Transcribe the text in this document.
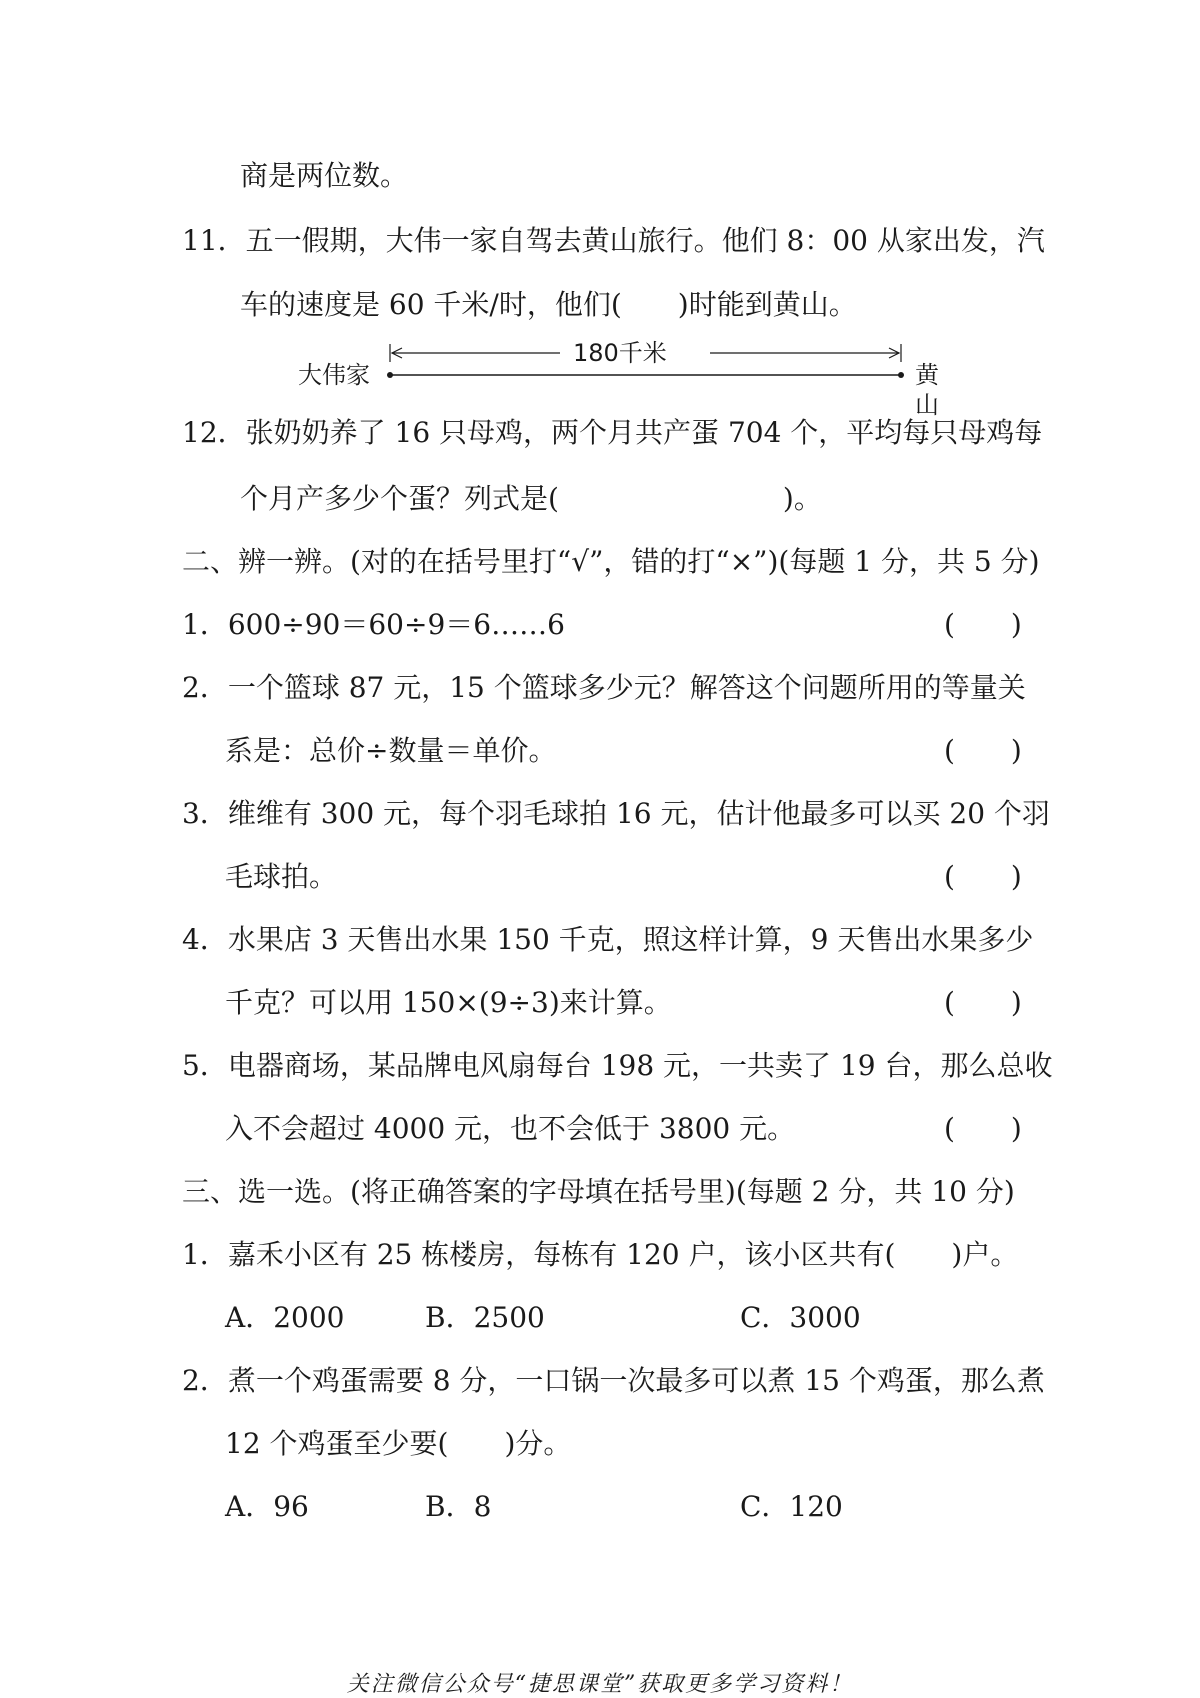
商是两位数。
11．五一假期，大伟一家自驾去黄山旅行。他们 8：00 从家出发，汽
车的速度是 60 千米/时，他们(　　)时能到黄山。
大伟家
180千米
黄山
12．张奶奶养了 16 只母鸡，两个月共产蛋 704 个，平均每只母鸡每
个月产多少个蛋？列式是(　　　　　　　　)。
二、辨一辨。(对的在括号里打“√”，错的打“×”)(每题 1 分，共 5 分)
1．600÷90＝60÷9＝6……6	(　　)
2．一个篮球 87 元，15 个篮球多少元？解答这个问题所用的等量关
系是：总价÷数量＝单价。	(　　)
3．维维有 300 元，每个羽毛球拍 16 元，估计他最多可以买 20 个羽
毛球拍。	(　　)
4．水果店 3 天售出水果 150 千克，照这样计算，9 天售出水果多少
千克？可以用 150×(9÷3)来计算。	(　　)
5．电器商场，某品牌电风扇每台 198 元，一共卖了 19 台，那么总收
入不会超过 4000 元，也不会低于 3800 元。	(　　)
三、选一选。(将正确答案的字母填在括号里)(每题 2 分，共 10 分)
1．嘉禾小区有 25 栋楼房，每栋有 120 户，该小区共有(　　)户。
A．2000	B．2500	C．3000
2．煮一个鸡蛋需要 8 分，一口锅一次最多可以煮 15 个鸡蛋，那么煮
12 个鸡蛋至少要(　　)分。
A．96	B．8	C．120
关注微信公众号“捷思课堂”获取更多学习资料！
